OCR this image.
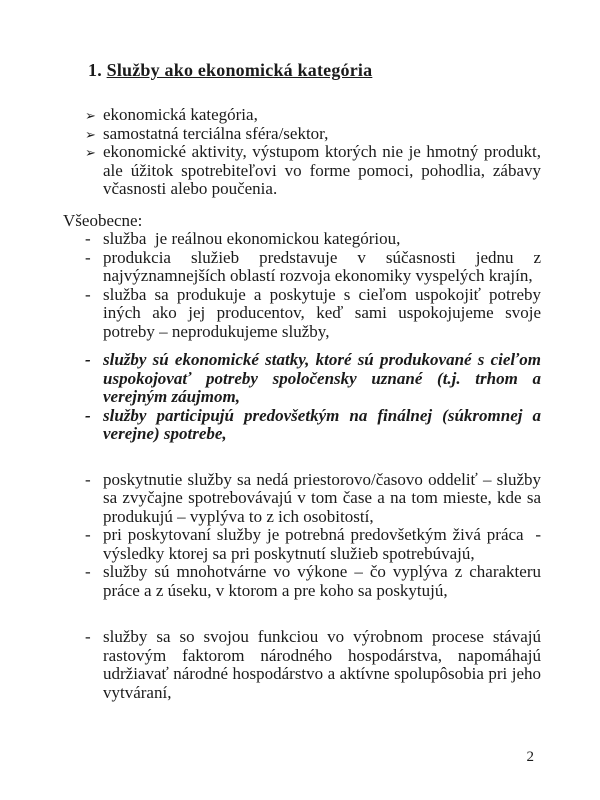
1. Služby ako ekonomická kategória
➢ ekonomická kategória,
➢ samostatná terciálna sféra/sektor,
➢ ekonomické aktivity, výstupom ktorých nie je hmotný produkt, ale úžitok spotrebiteľovi vo forme pomoci, pohodlia, zábavy včasnosti alebo poučenia.

Všeobecne:

- služba  je reálnou ekonomickou kategóriou,
- produkcia služieb predstavuje v súčasnosti jednu z najvýznamnejších oblastí rozvoja ekonomiky vyspelých krajín,
- služba sa produkuje a poskytuje s cieľom uspokojiť potreby iných ako jej producentov, keď sami uspokojujeme svoje potreby – neprodukujeme služby,
- služby sú ekonomické statky, ktoré sú produkované s cieľom uspokojovať potreby spoločensky uznané (t.j. trhom a verejným záujmom,
- služby participujú predovšetkým na finálnej (súkromnej a verejne) spotrebe,
- poskytnutie služby sa nedá priestorovo/časovo oddeliť – služby sa zvyčajne spotrebovávajú v tom čase a na tom mieste, kde sa produkujú – vyplýva to z ich osobitostí,
- pri poskytovaní služby je potrebná predovšetkým živá práca  - výsledky ktorej sa pri poskytnutí služieb spotrebúvajú,
- služby sú mnohotvárne vo výkone – čo vyplýva z charakteru práce a z úseku, v ktorom a pre koho sa poskytujú,
- služby sa so svojou funkciou vo výrobnom procese stávajú rastovým faktorom národného hospodárstva, napomáhajú udržiavať národné hospodárstvo a aktívne spolupôsobia pri jeho vytváraní,
2
